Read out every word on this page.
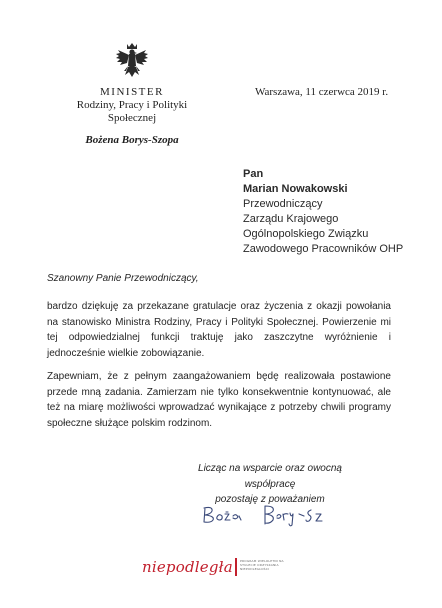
MINISTER
Rodziny, Pracy i Polityki Społecznej
Bożena Borys-Szopa
Warszawa, 11 czerwca 2019 r.
Pan
Marian Nowakowski
Przewodniczący
Zarządu Krajowego
Ogólnopolskiego Związku
Zawodowego Pracowników OHP
Szanowny Panie Przewodniczący,
bardzo dziękuję za przekazane gratulacje oraz życzenia z okazji powołania na stanowisko Ministra Rodziny, Pracy i Polityki Społecznej. Powierzenie mi tej odpowiedzialnej funkcji traktuję jako zaszczytne wyróżnienie i jednocześnie wielkie zobowiązanie.
Zapewniam, że z pełnym zaangażowaniem będę realizowała postawione przede mną zadania. Zamierzam nie tylko konsekwentnie kontynuować, ale też na miarę możliwości wprowadzać wynikające z potrzeby chwili programy społeczne służące polskim rodzinom.
Licząc na wsparcie oraz owocną współpracę
pozostaję z poważaniem
niepodległa PROGRAM WIELOLETNI NA STULECIE ODZYSKANIA NIEPODLEGŁOŚCI
